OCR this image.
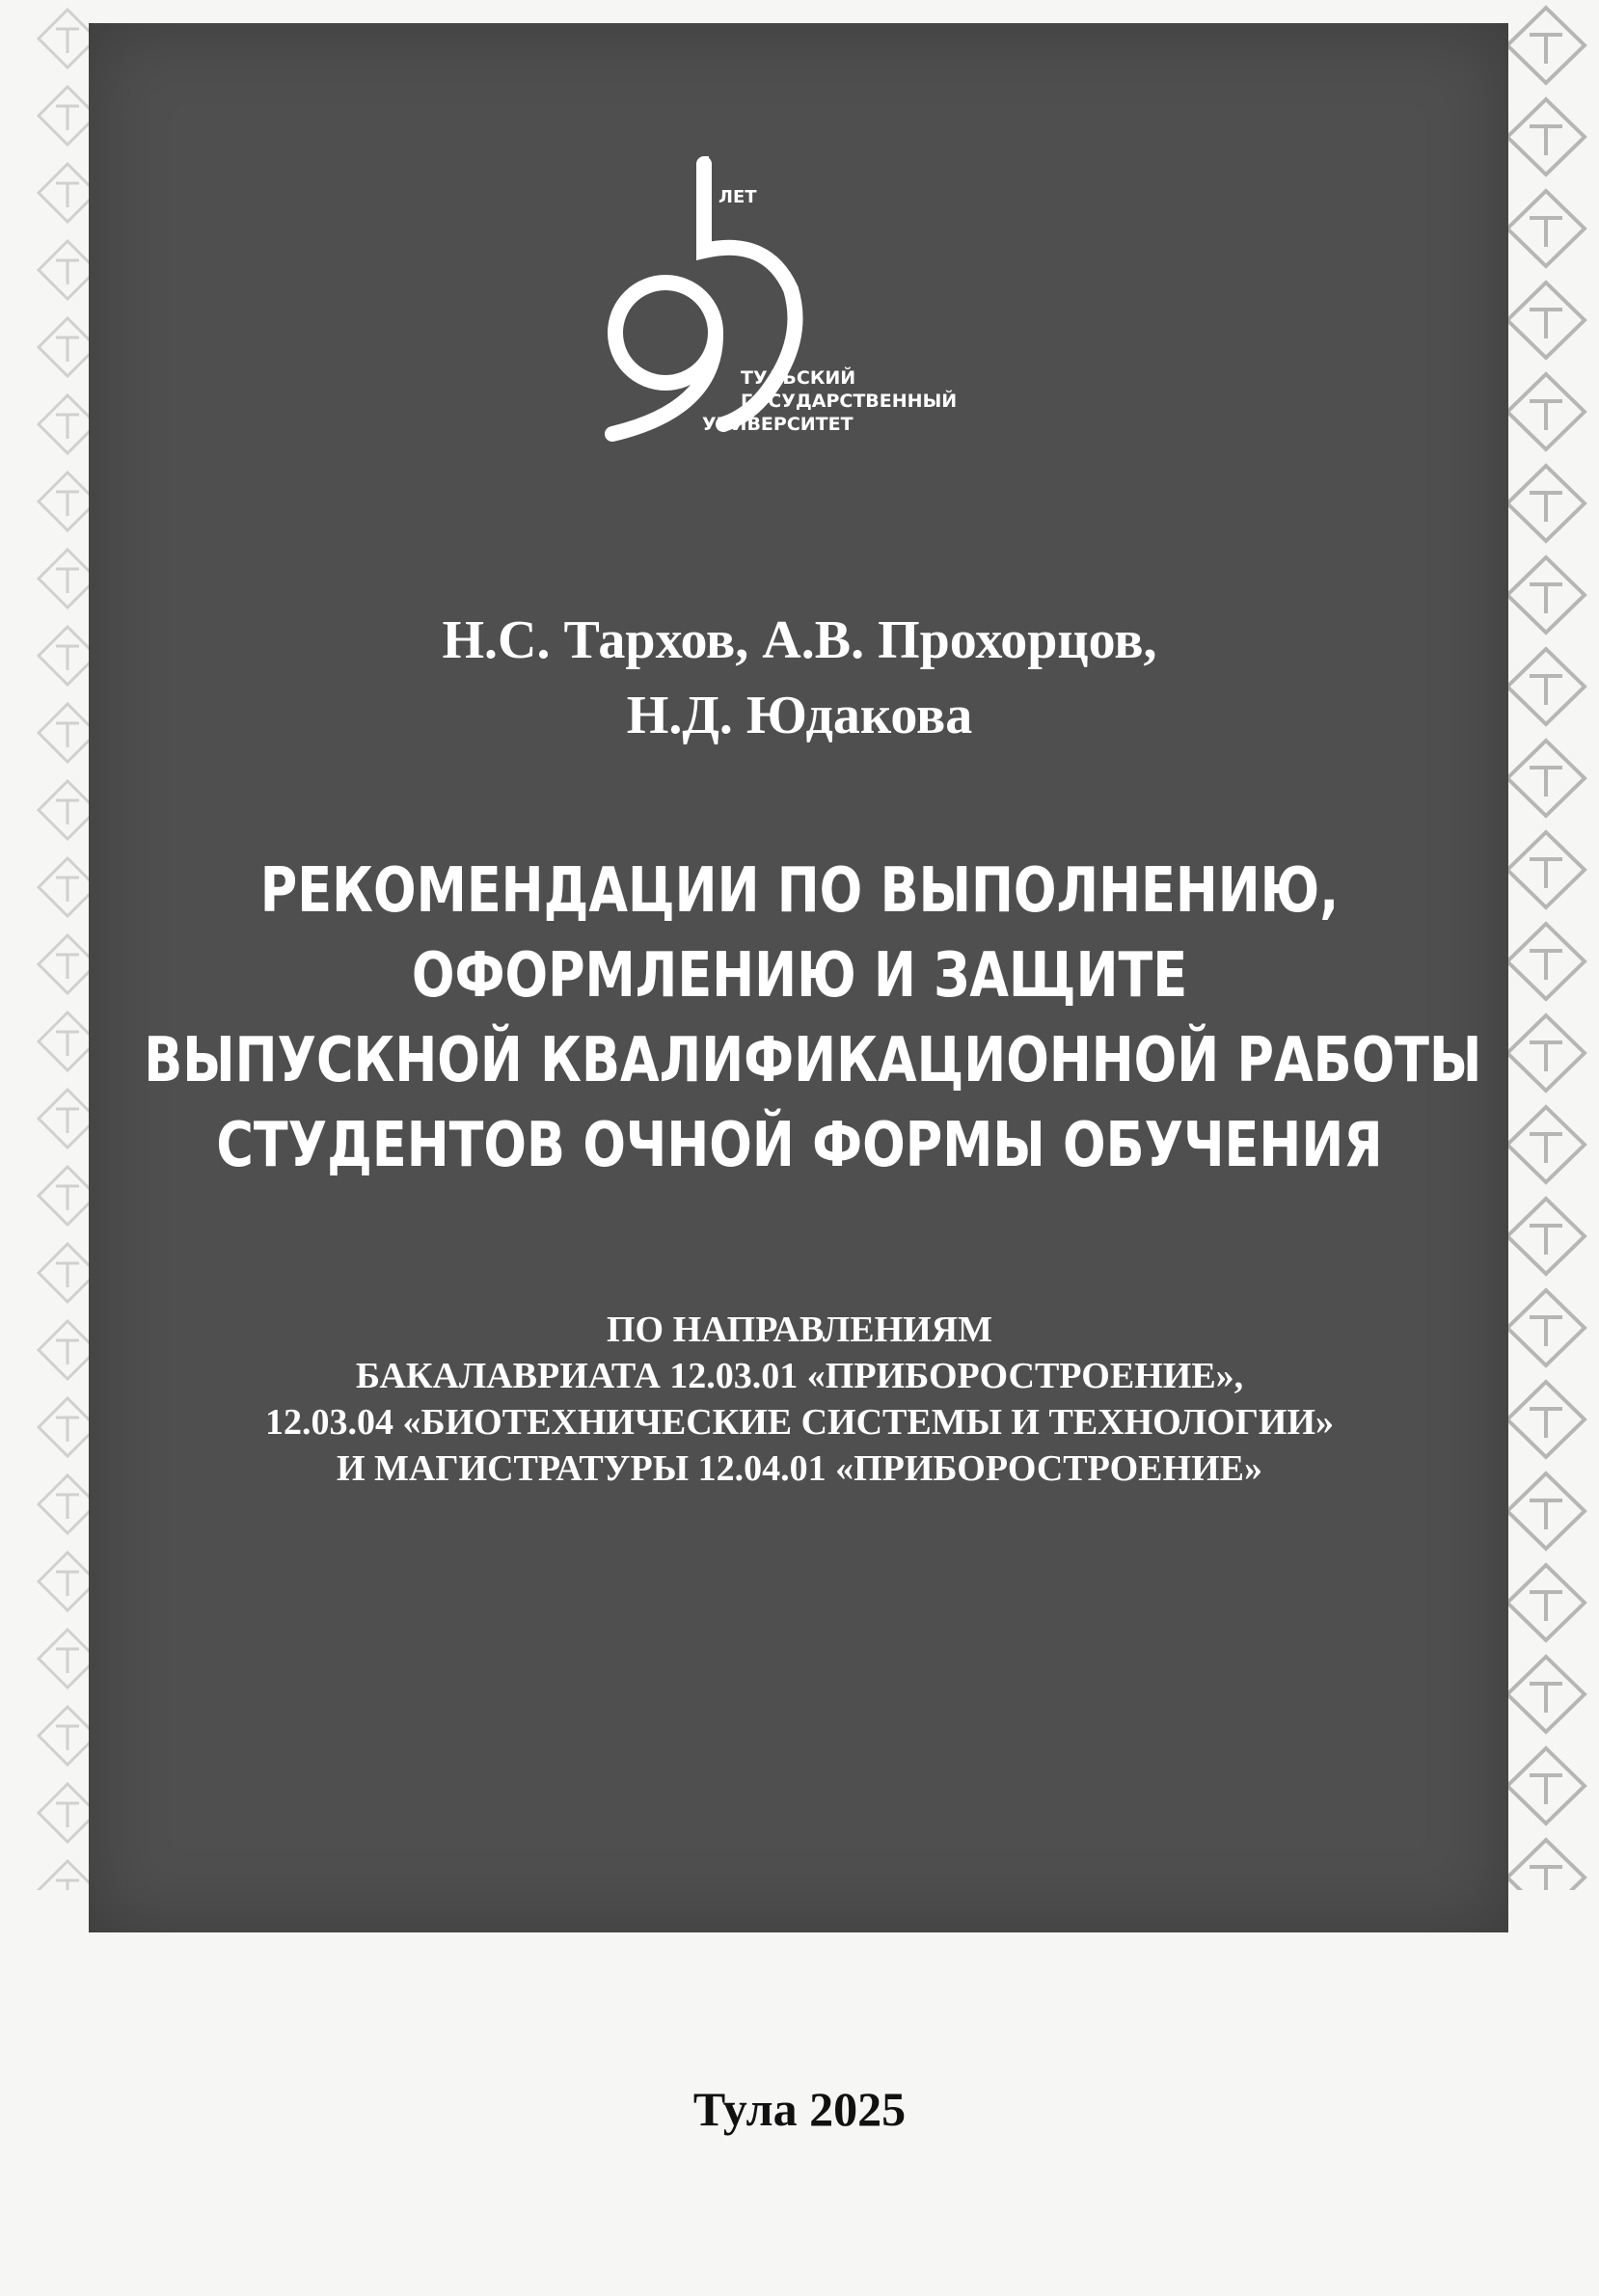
ЛЕТ
ТУЛЬСКИЙ
ГОСУДАРСТВЕННЫЙ
УНИВЕРСИТЕТ
Н.С. Тархов, А.В. Прохорцов,
Н.Д. Юдакова
РЕКОМЕНДАЦИИ ПО ВЫПОЛНЕНИЮ,
ОФОРМЛЕНИЮ И ЗАЩИТЕ
ВЫПУСКНОЙ КВАЛИФИКАЦИОННОЙ РАБОТЫ
СТУДЕНТОВ ОЧНОЙ ФОРМЫ ОБУЧЕНИЯ
ПО НАПРАВЛЕНИЯМ
БАКАЛАВРИАТА 12.03.01 «ПРИБОРОСТРОЕНИЕ»,
12.03.04 «БИОТЕХНИЧЕСКИЕ СИСТЕМЫ И ТЕХНОЛОГИИ»
И МАГИСТРАТУРЫ 12.04.01 «ПРИБОРОСТРОЕНИЕ»
Тула 2025
